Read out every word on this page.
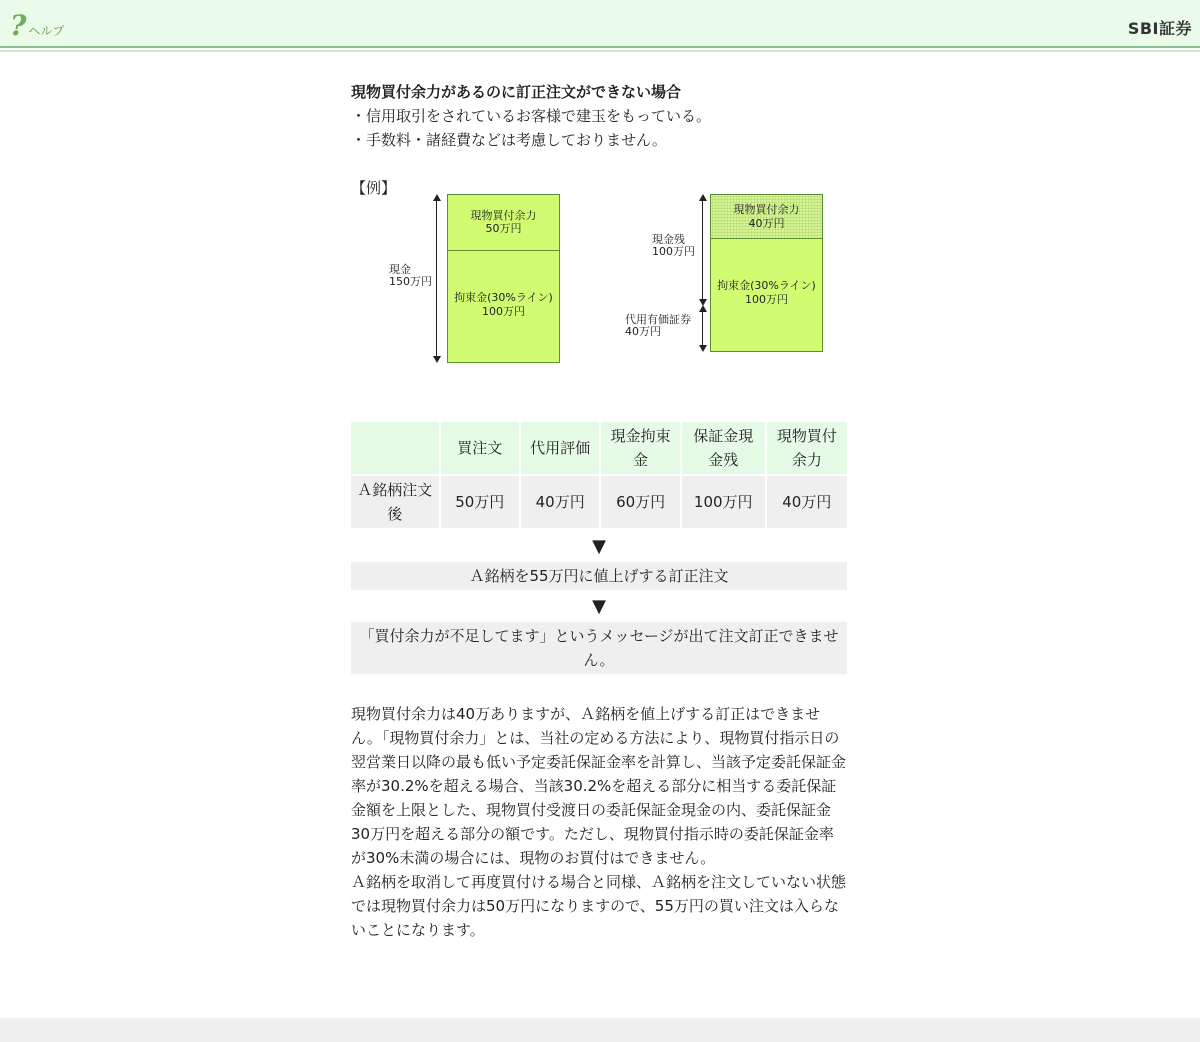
? ヘルプ	SBI証券

現物買付余力があるのに訂正注文ができない場合

・信用取引をされているお客様で建玉をもっている。

・手数料・諸経費などは考慮しておりません。

【例】

現金
150万円
現物買付余力
50万円
拘束金(30%ライン)
100万円
現金残
100万円
代用有価証券
40万円
現物買付余力
40万円
拘束金(30%ライン)
100万円
	買注文	代用評価	現金拘束金	保証金現金残	現物買付余力
Ａ銘柄注文後	50万円	40万円	60万円	100万円	40万円
▼
Ａ銘柄を55万円に値上げする訂正注文
▼
「買付余力が不足してます」というメッセージが出て注文訂正できません。

現物買付余力は40万ありますが、Ａ銘柄を値上げする訂正はできません。「現物買付余力」とは、当社の定める方法により、現物買付指示日の翌営業日以降の最も低い予定委託保証金率を計算し、当該予定委託保証金率が30.2%を超える場合、当該30.2%を超える部分に相当する委託保証金額を上限とした、現物買付受渡日の委託保証金現金の内、委託保証金30万円を超える部分の額です。ただし、現物買付指示時の委託保証金率が30%未満の場合には、現物のお買付はできません。

Ａ銘柄を取消して再度買付ける場合と同様、Ａ銘柄を注文していない状態では現物買付余力は50万円になりますので、55万円の買い注文は入らないことになります。
